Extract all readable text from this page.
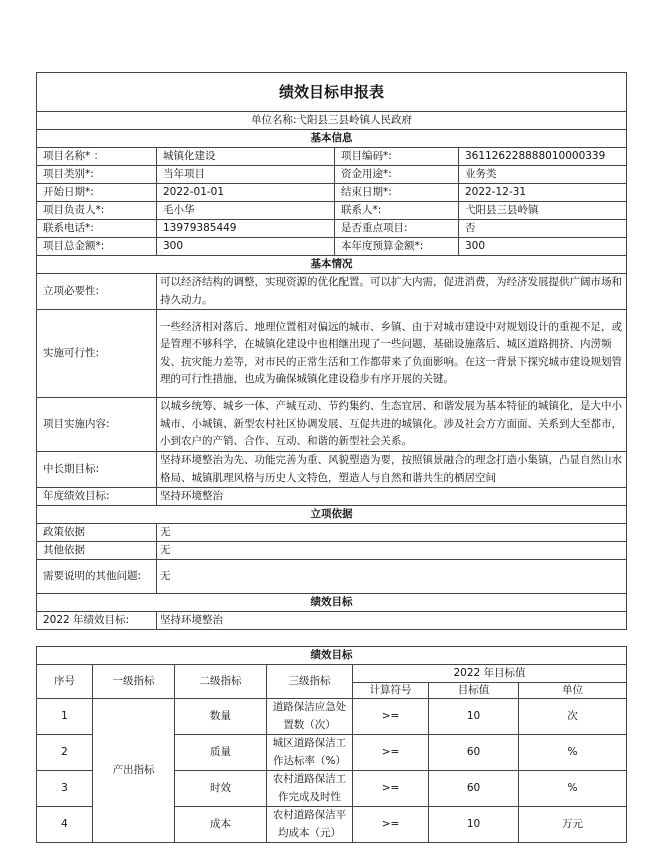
绩效目标申报表			
单位名称:弋阳县三县岭镇人民政府			
基本信息			
项目名称* ：	城镇化建设	项目编码*:	36112622888801000033​9
项目类别*:	当年项目	资金用途*:	业务类
开始日期*:	2022-01-01	结束日期*:	2022-12-31
项目负责人*:	毛小华	联系人*:	弋阳县三县岭镇
联系电话*:	13979385449	是否重点项目:	否
项目总金额*:	300	本年度预算金额*:	300
基本情况			
立项必要性:	可以经济结构的调整，实现资源的优化配置。可以扩大内需，促进消费，为经济发展提供广阔市场和持久动力。		
实施可行性:	一些经济相对落后、地理位置相对偏远的城市、乡镇、由于对城市建设中对规划设计的重视不足，或是管理不够科学，在城镇化建设中也相继出现了一些问题，基础设施落后、城区道路拥挤、内涝频发、抗灾能力差等，对市民的正常生活和工作都带来了负面影响。在这一背景下探究城市建设规划管理的可行性措施，也成为确保城镇化建设稳步有序开展的关键。		
项目实施内容:	以城乡统筹、城乡一体、产城互动、节约集约、生态宜居、和谐发展为基本特征的城镇化，是大中小城市、小城镇、新型农村社区协调发展、互促共进的城镇化。涉及社会方方面面、关系到大至都市，小到农户的产销、合作、互动、和谐的新型社会关系。		
中长期目标:	坚持环境整治为先、功能完善为重、风貌塑造为要，按照镇景融合的理念打造小集镇，凸显自然山水格局、城镇肌理风格与历史人文特色，塑造人与自然和谐共生的栖居空间		
年度绩效目标:	坚持环境整治		
立项依据			
政策依据	无		
其他依据	无		
需要说明的其他问题:	无		
绩效目标			
2022 年绩效目标:	坚持环境整治		
绩效目标						
序号	一级指标	二级指标	三级指标	2022 年目标值		
				计算符号	目标值	单位
1	产出指标	数量	道路保洁应急处置数（次）	>=	10	次
2		质量	城区道路保洁工作达标率（%）	>=	60	%
3		时效	农村道路保洁工作完成及时性	>=	60	%
4		成本	农村道路保洁平均成本（元）	>=	10	万元
